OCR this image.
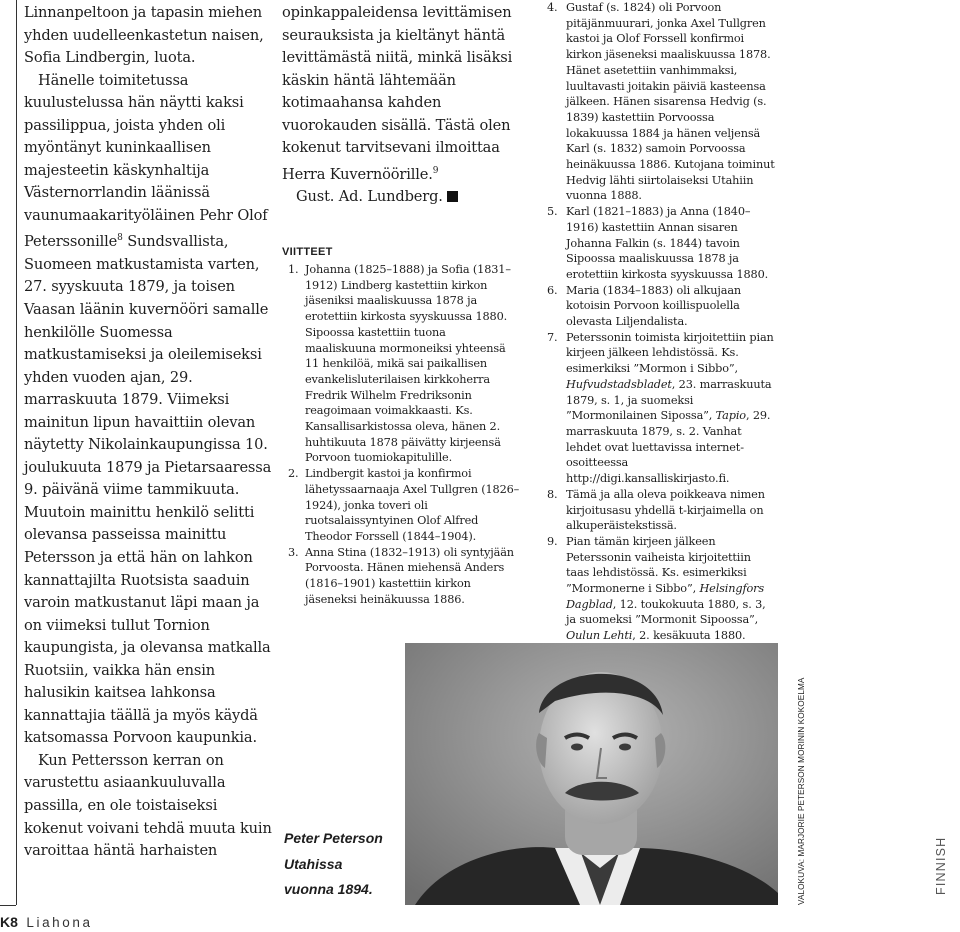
Linnanpeltoon ja tapasin miehen yhden uudelleenkastetun naisen, Sofia Lindbergin, luota.

Hänelle toimitetussa kuulustelussa hän näytti kaksi passilippua, joista yhden oli myöntänyt kuninkaallisen majesteetin käskynhaltija Västernorrlandin läänissä vaunumaakarityöläinen Pehr Olof Peterssonille$^8$ Sundsvallista, Suomeen matkustamista varten, 27. syyskuuta 1879, ja toisen Vaasan läänin kuvernööri samalle henkilölle Suomessa matkustamiseksi ja oleilemiseksi yhden vuoden ajan, 29. marraskuuta 1879. Viimeksi mainitun lipun havaittiin olevan näytetty Nikolainkaupungissa 10. joulukuuta 1879 ja Pietarsaaressa 9. päivänä viime tammikuuta.

Muutoin mainittu henkilö selitti olevansa passeissa mainittu Petersson ja että hän on lahkon kannattajilta Ruotsista saaduin varoin matkustanut läpi maan ja on viimeksi tullut Tornion kaupungista, ja olevansa matkalla Ruotsiin, vaikka hän ensin halusikin kaitsea lahkonsa kannattajia täällä ja myös käydä katsomassa Porvoon kaupunkia.

Kun Pettersson kerran on varustettu asiaankuuluvalla passilla, en ole toistaiseksi kokenut voivani tehdä muuta kuin varoittaa häntä harhaisten

opinkappaleidensa levittämisen seurauksista ja kieltänyt häntä levittämästä niitä, minkä lisäksi käskin häntä lähtemään kotimaahansa kahden vuorokauden sisällä. Tästä olen kokenut tarvitsevani ilmoittaa Herra Kuvernöörille.$^9$

Gust. Ad. Lundberg.

VIITTEET
1. Johanna (1825–1888) ja Sofia (1831–1912) Lindberg kastettiin kirkon jäseniksi maaliskuussa 1878 ja erotettiin kirkosta syyskuussa 1880. Sipoossa kastettiin tuona maaliskuuna mormoneiksi yhteensä 11 henkilöä, mikä sai paikallisen evankelisluterilaisen kirkkoherra Fredrik Wilhelm Fredriksonin reagoimaan voimakkaasti. Ks. Kansallisarkistossa oleva, hänen 2. huhtikuuta 1878 päivätty kirjeensä Porvoon tuomiokapitulille.
2. Lindbergit kastoi ja konfirmoi lähetyssaarnaaja Axel Tullgren (1826–1924), jonka toveri oli ruotsalaissyntyinen Olof Alfred Theodor Forssell (1844–1904).
3. Anna Stina (1832–1913) oli syntyjään Porvoosta. Hänen miehensä Anders (1816–1901) kastettiin kirkon jäseneksi heinäkuussa 1886.
4. Gustaf (s. 1824) oli Porvoon pitäjänmuurari, jonka Axel Tullgren kastoi ja Olof Forssell konfirmoi kirkon jäseneksi maaliskuussa 1878. Hänet asetettiin vanhimmaksi, luultavasti joitakin päiviä kasteensa jälkeen. Hänen sisarensa Hedvig (s. 1839) kastettiin Porvoossa lokakuussa 1884 ja hänen veljensä Karl (s. 1832) samoin Porvoossa heinäkuussa 1886. Kutojana toiminut Hedvig lähti siirtolaiseksi Utahiin vuonna 1888.
5. Karl (1821–1883) ja Anna (1840–1916) kastettiin Annan sisaren Johanna Falkin (s. 1844) tavoin Sipoossa maaliskuussa 1878 ja erotettiin kirkosta syyskuussa 1880.
6. Maria (1834–1883) oli alkujaan kotoisin Porvoon koillispuolella olevasta Liljendalista.
7. Peterssonin toimista kirjoitettiin pian kirjeen jälkeen lehdistössä. Ks. esimerkiksi ”Mormon i Sibbo”, Hufvudstadsbladet, 23. marraskuuta 1879, s. 1, ja suomeksi ”Mormonilainen Sipossa”, Tapio, 29. marraskuuta 1879, s. 2. Vanhat lehdet ovat luettavissa internet-osoitteessa http://digi.kansalliskirjasto.fi.
8. Tämä ja alla oleva poikkeava nimen kirjoitusasu yhdellä t-kirjaimella on alkuperäistekstissä.
9. Pian tämän kirjeen jälkeen Peterssonin vaiheista kirjoitettiin taas lehdistössä. Ks. esimerkiksi ”Mormonerne i Sibbo”, Helsingfors Dagblad, 12. toukokuuta 1880, s. 3, ja suomeksi ”Mormonit Sipoossa”, Oulun Lehti, 2. kesäkuuta 1880.
Peter Peterson
Utahissa
vuonna 1894.	VALOKUVA: MARJORIE PETERSON MORININ KOKOELMA	FINNISH
K8 Liahona
